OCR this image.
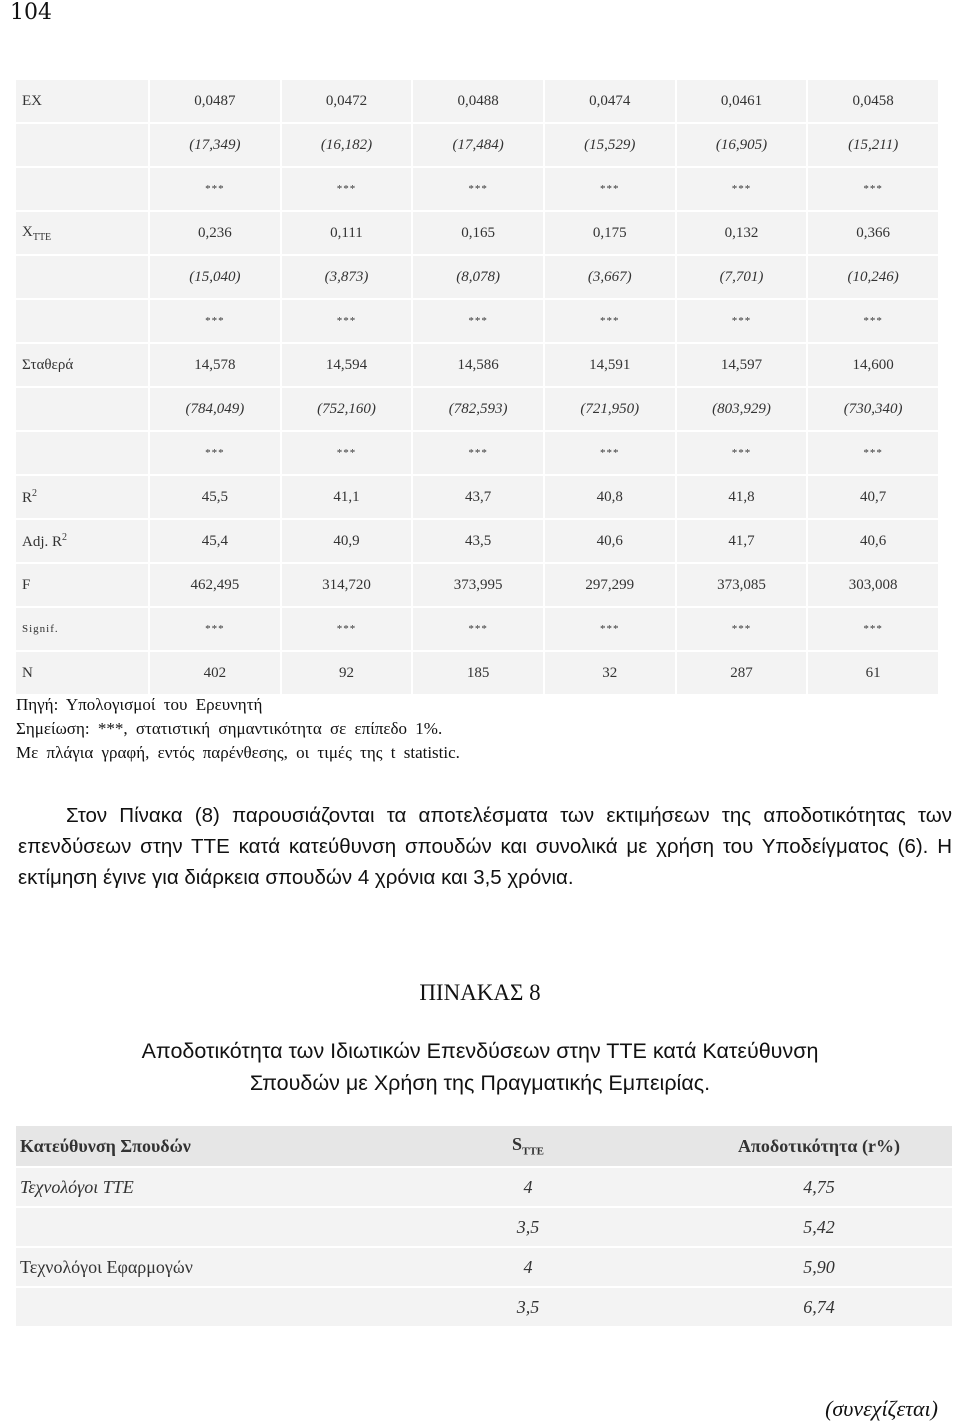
104
EX	0,0487	0,0472	0,0488	0,0474	0,0461	0,0458
	(17,349)	(16,182)	(17,484)	(15,529)	(16,905)	(15,211)
	***	***	***	***	***	***
$X_{TTE}$	0,236	0,111	0,165	0,175	0,132	0,366
	(15,040)	(3,873)	(8,078)	(3,667)	(7,701)	(10,246)
	***	***	***	***	***	***
Σταθερά	14,578	14,594	14,586	14,591	14,597	14,600
	(784,049)	(752,160)	(782,593)	(721,950)	(803,929)	(730,340)
	***	***	***	***	***	***
$R^2$	45,5	41,1	43,7	40,8	41,8	40,7
Adj. $R^2$	45,4	40,9	43,5	40,6	41,7	40,6
F	462,495	314,720	373,995	297,299	373,085	303,008
Signif.	***	***	***	***	***	***
N	402	92	185	32	287	61
Πηγή: Υπολογισμοί του Ερευνητή
Σημείωση: ***, στατιστική σημαντικότητα σε επίπεδο 1%.
Με πλάγια γραφή, εντός παρένθεσης, οι τιμές της t statistic.

Στον Πίνακα (8) παρουσιάζονται τα αποτελέσματα των εκτιμήσεων της αποδοτικότητας των επενδύσεων στην ΤΤΕ κατά κατεύθυνση σπουδών και συνολικά με χρήση του Υποδείγματος (6). Η εκτίμηση έγινε για διάρκεια σπουδών 4 χρόνια και 3,5 χρόνια.

ΠΙΝΑΚΑΣ 8
Αποδοτικότητα των Ιδιωτικών Επενδύσεων στην ΤΤΕ κατά Κατεύθυνση
Σπουδών με Χρήση της Πραγματικής Εμπειρίας.
Κατεύθυνση Σπουδών	$S_{TTE}$	Αποδοτικότητα (r%)
Τεχνολόγοι ΤΤΕ	4	4,75
	3,5	5,42
Τεχνολόγοι Εφαρμογών	4	5,90
	3,5	6,74
(συνεχίζεται)
